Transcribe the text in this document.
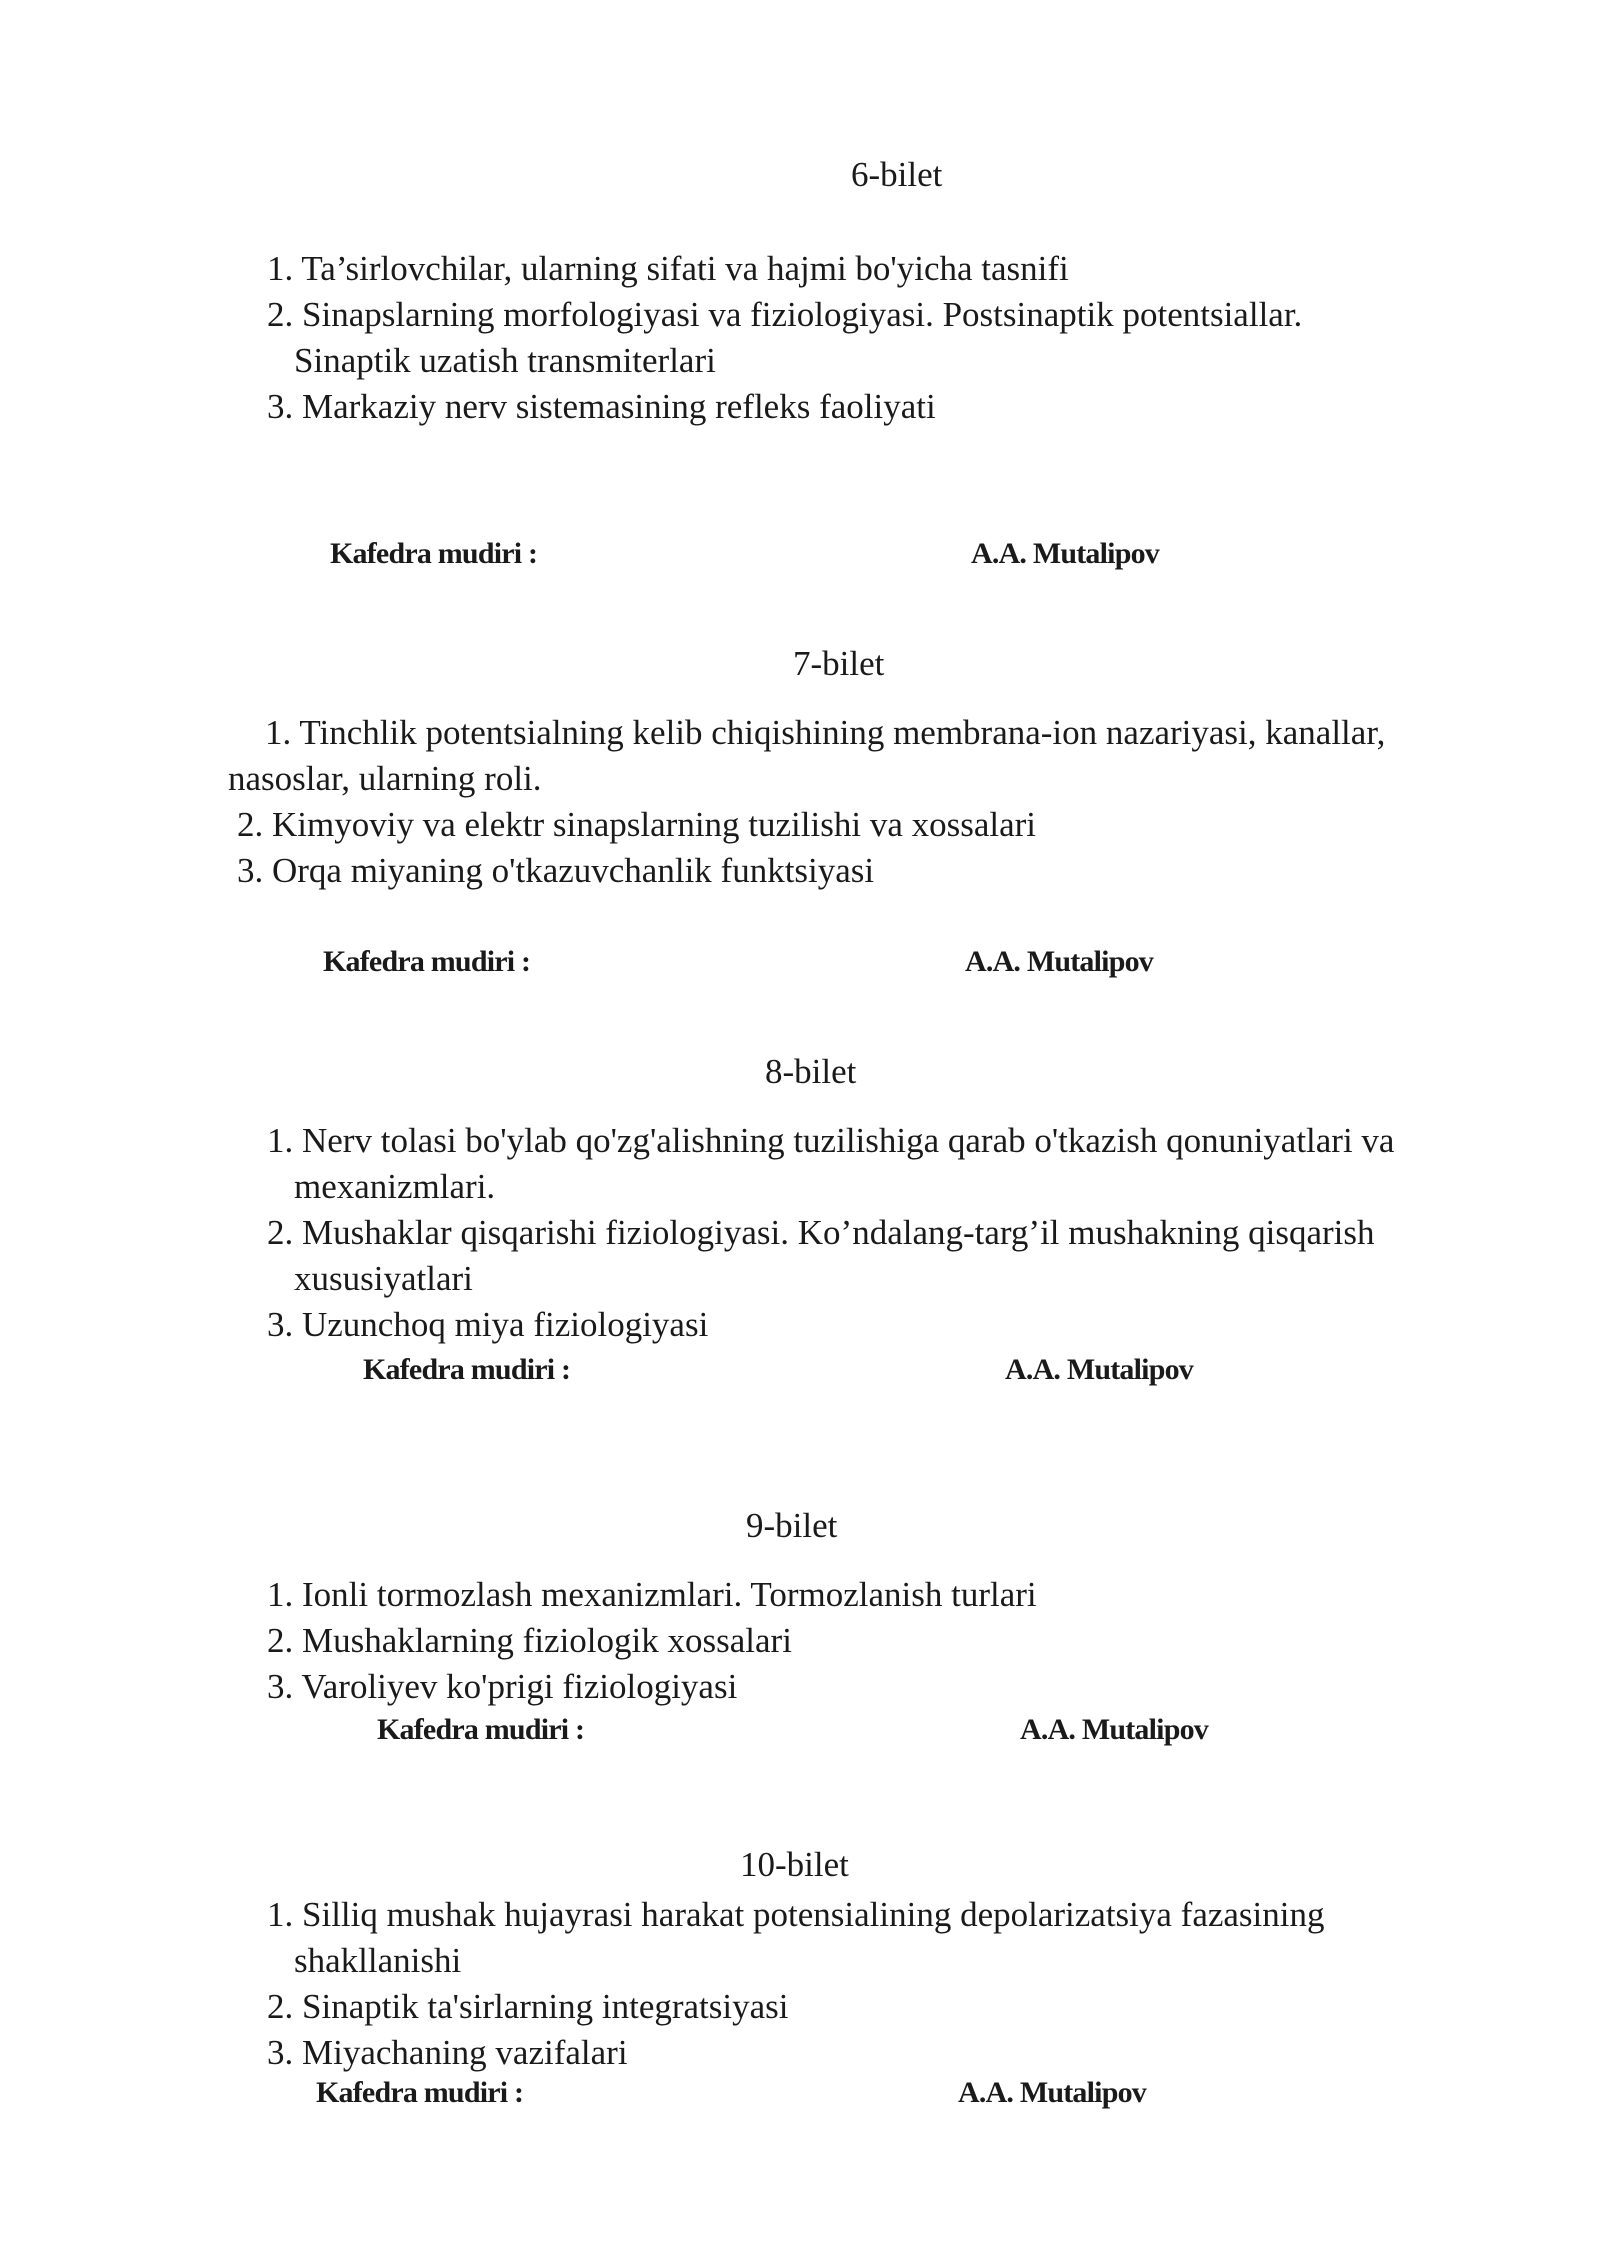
6-bilet
1. Ta’sirlovchilar, ularning sifati va hajmi bo'yicha tasnifi
2. Sinapslarning morfologiyasi va fiziologiyasi. Postsinaptik potentsiallar.
Sinaptik uzatish transmiterlari
3. Markaziy nerv sistemasining refleks faoliyati
Kafedra mudiri :	A.A. Mutalipov
7-bilet
1. Tinchlik potentsialning kelib chiqishining membrana-ion nazariyasi, kanallar,
nasoslar, ularning roli.
2. Kimyoviy va elektr sinapslarning tuzilishi va xossalari
3. Orqa miyaning o'tkazuvchanlik funktsiyasi
Kafedra mudiri :	A.A. Mutalipov
8-bilet
1. Nerv tolasi bo'ylab qo'zg'alishning tuzilishiga qarab o'tkazish qonuniyatlari va
mexanizmlari.
2. Mushaklar qisqarishi fiziologiyasi. Ko’ndalang-targ’il mushakning qisqarish
xususiyatlari
3. Uzunchoq miya fiziologiyasi
Kafedra mudiri :	A.A. Mutalipov
9-bilet
1. Ionli tormozlash mexanizmlari. Tormozlanish turlari
2. Mushaklarning fiziologik xossalari
3. Varoliyev ko'prigi fiziologiyasi
Kafedra mudiri :	A.A. Mutalipov
10-bilet
1. Silliq mushak hujayrasi harakat potensialining depolarizatsiya fazasining
shakllanishi
2. Sinaptik ta'sirlarning integratsiyasi
3. Miyachaning vazifalari
Kafedra mudiri :	A.A. Mutalipov
